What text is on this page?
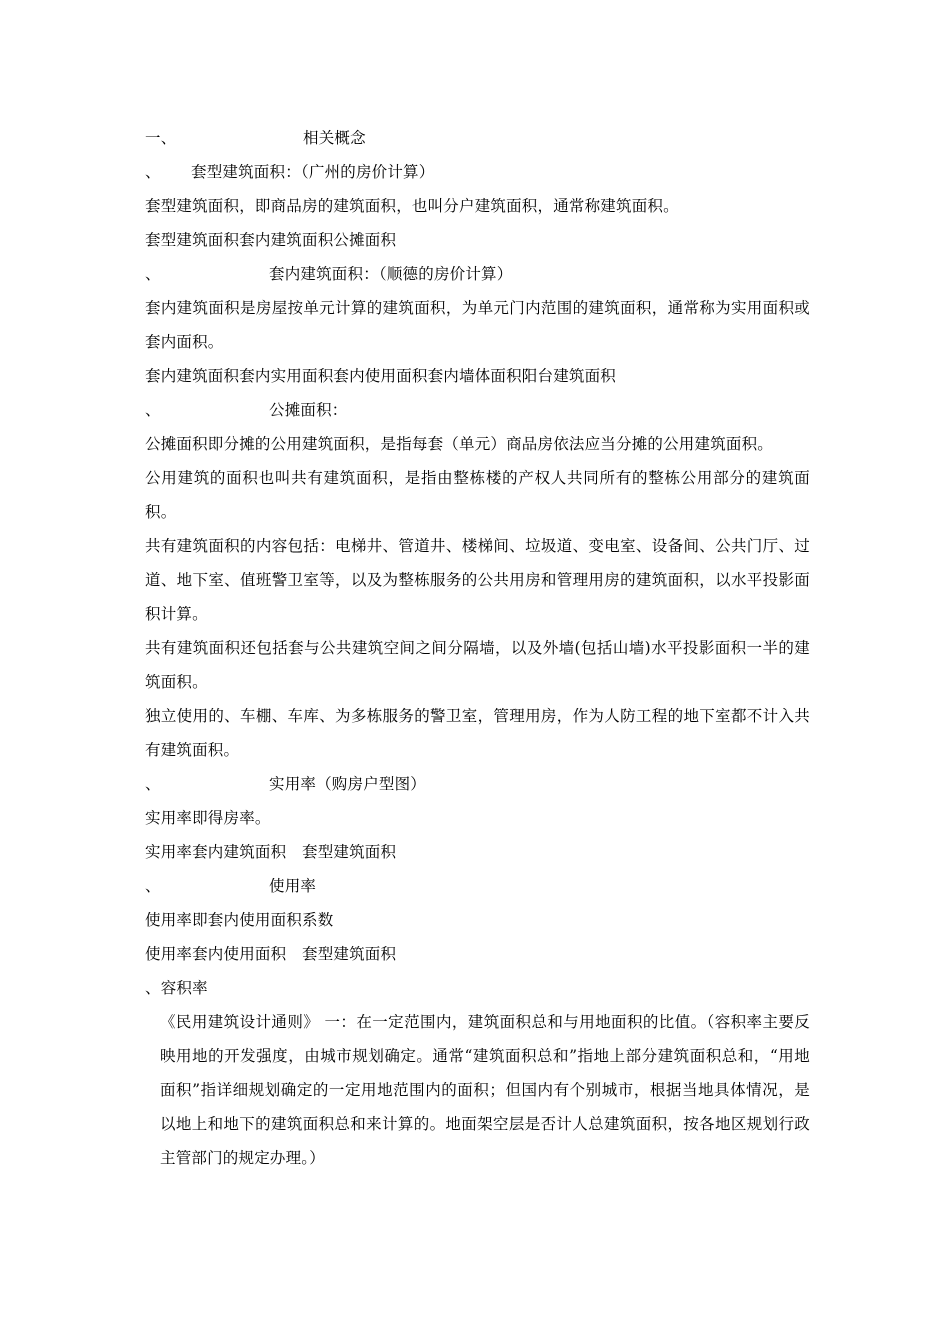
一、	相关概念
、 套型建筑面积：（广州的房价计算）
套型建筑面积，即商品房的建筑面积，也叫分户建筑面积，通常称建筑面积。
套型建筑面积套内建筑面积公摊面积
、	套内建筑面积：（顺德的房价计算）
套内建筑面积是房屋按单元计算的建筑面积，为单元门内范围的建筑面积，通常称为实用面积或套内面积。
套内建筑面积套内实用面积套内使用面积套内墙体面积阳台建筑面积
、	公摊面积：
公摊面积即分摊的公用建筑面积，是指每套（单元）商品房依法应当分摊的公用建筑面积。
公用建筑的面积也叫共有建筑面积，是指由整栋楼的产权人共同所有的整栋公用部分的建筑面积。
共有建筑面积的内容包括：电梯井、管道井、楼梯间、垃圾道、变电室、设备间、公共门厅、过道、地下室、值班警卫室等，以及为整栋服务的公共用房和管理用房的建筑面积，以水平投影面积计算。
共有建筑面积还包括套与公共建筑空间之间分隔墙，以及外墙(包括山墙)水平投影面积一半的建筑面积。
独立使用的、车棚、车库、为多栋服务的警卫室，管理用房，作为人防工程的地下室都不计入共有建筑面积。
、	实用率（购房户型图）
实用率即得房率。
实用率套内建筑面积　套型建筑面积
、	使用率
使用率即套内使用面积系数
使用率套内使用面积　套型建筑面积
、容积率
《民用建筑设计通则》 一：在一定范围内，建筑面积总和与用地面积的比值。（容积率主要反映用地的开发强度，由城市规划确定。通常“建筑面积总和”指地上部分建筑面积总和，“用地面积”指详细规划确定的一定用地范围内的面积；但国内有个别城市，根据当地具体情况，是以地上和地下的建筑面积总和来计算的。地面架空层是否计人总建筑面积，按各地区规划行政主管部门的规定办理。）
